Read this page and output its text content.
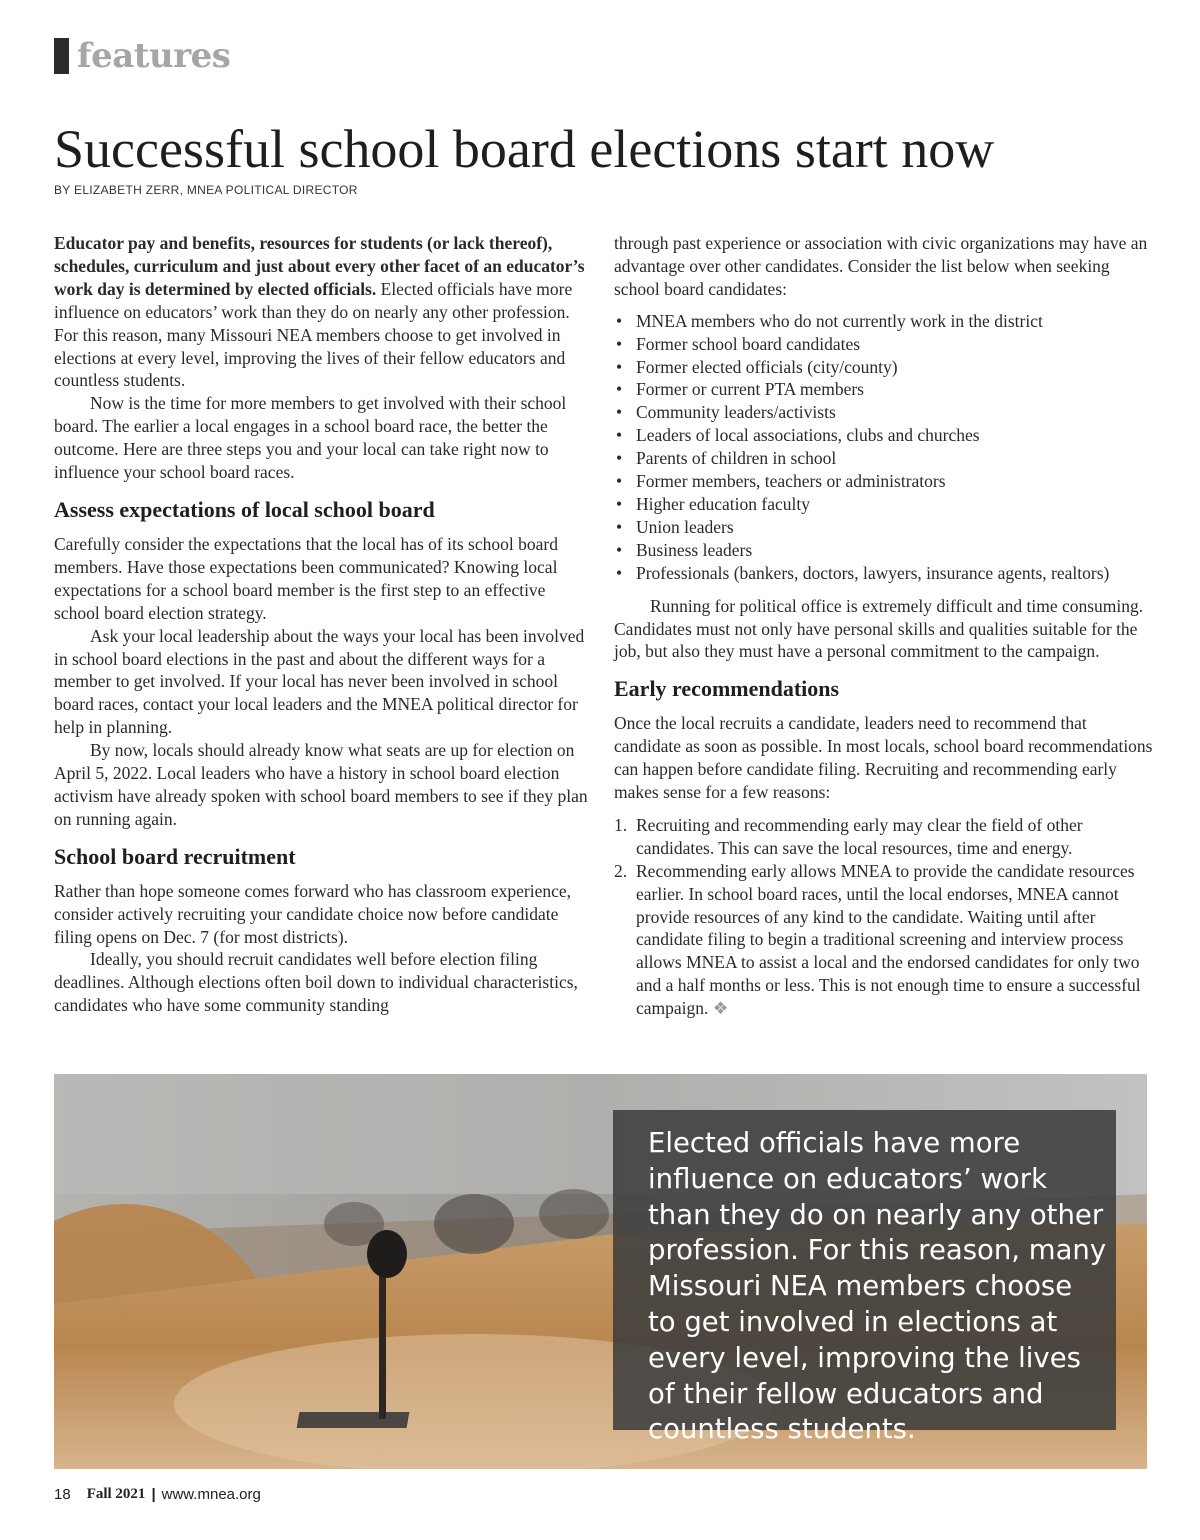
features
Successful school board elections start now
BY ELIZABETH ZERR, MNEA POLITICAL DIRECTOR

Educator pay and benefits, resources for students (or lack thereof), schedules, curriculum and just about every other facet of an educator’s work day is determined by elected officials. Elected officials have more influence on educators’ work than they do on nearly any other profession. For this reason, many Missouri NEA members choose to get involved in elections at every level, improving the lives of their fellow educators and countless students.

Now is the time for more members to get involved with their school board. The earlier a local engages in a school board race, the better the outcome. Here are three steps you and your local can take right now to influence your school board races.

Assess expectations of local school board

Carefully consider the expectations that the local has of its school board members. Have those expectations been communicated? Knowing local expectations for a school board member is the first step to an effective school board election strategy.

Ask your local leadership about the ways your local has been involved in school board elections in the past and about the different ways for a member to get involved. If your local has never been involved in school board races, contact your local leaders and the MNEA political director for help in planning.

By now, locals should already know what seats are up for election on April 5, 2022. Local leaders who have a history in school board election activism have already spoken with school board members to see if they plan on running again.

School board recruitment

Rather than hope someone comes forward who has classroom experience, consider actively recruiting your candidate choice now before candidate filing opens on Dec. 7 (for most districts).

Ideally, you should recruit candidates well before election filing deadlines. Although elections often boil down to individual characteristics, candidates who have some community standing

through past experience or association with civic organizations may have an advantage over other candidates. Consider the list below when seeking school board candidates:

• MNEA members who do not currently work in the district
• Former school board candidates
• Former elected officials (city/county)
• Former or current PTA members
• Community leaders/activists
• Leaders of local associations, clubs and churches
• Parents of children in school
• Former members, teachers or administrators
• Higher education faculty
• Union leaders
• Business leaders
• Professionals (bankers, doctors, lawyers, insurance agents, realtors)

Running for political office is extremely difficult and time consuming. Candidates must not only have personal skills and qualities suitable for the job, but also they must have a personal commitment to the campaign.

Early recommendations

Once the local recruits a candidate, leaders need to recommend that candidate as soon as possible. In most locals, school board recommendations can happen before candidate filing. Recruiting and recommending early makes sense for a few reasons:

1. Recruiting and recommending early may clear the field of other candidates. This can save the local resources, time and energy.
2. Recommending early allows MNEA to provide the candidate resources earlier. In school board races, until the local endorses, MNEA cannot provide resources of any kind to the candidate. Waiting until after candidate filing to begin a traditional screening and interview process allows MNEA to assist a local and the endorsed candidates for only two and a half months or less. This is not enough time to ensure a successful campaign. ❖
Elected officials have more influence on educators’ work than they do on nearly any other profession. For this reason, many Missouri NEA members choose to get involved in elections at every level, improving the lives of their fellow educators and countless students.
18 Fall 2021 | www.mnea.org
